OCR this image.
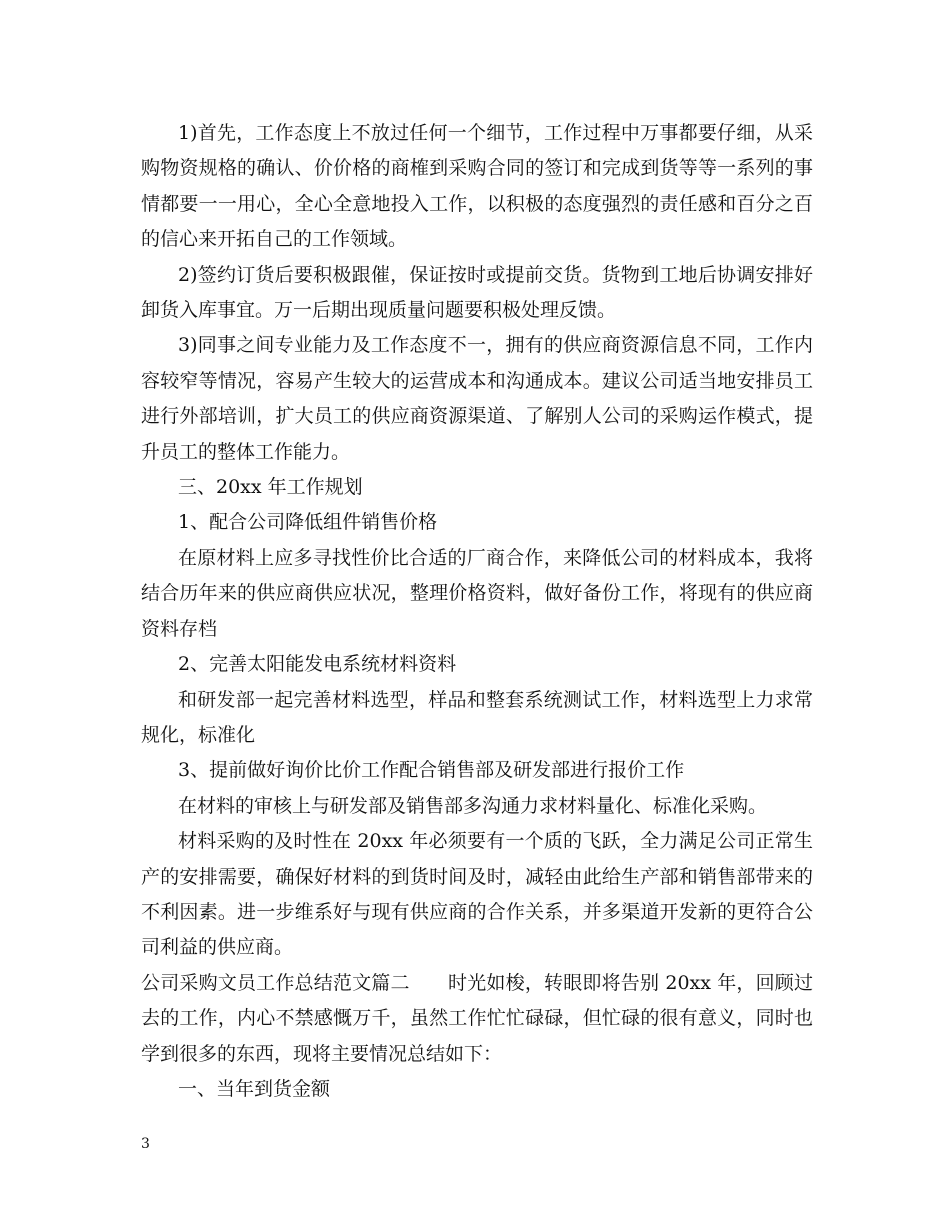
1)首先，工作态度上不放过任何一个细节，工作过程中万事都要仔细，从采购物资规格的确认、价价格的商榷到采购合同的签订和完成到货等等一系列的事情都要一一用心，全心全意地投入工作，以积极的态度强烈的责任感和百分之百的信心来开拓自己的工作领域。

2)签约订货后要积极跟催，保证按时或提前交货。货物到工地后协调安排好卸货入库事宜。万一后期出现质量问题要积极处理反馈。

3)同事之间专业能力及工作态度不一，拥有的供应商资源信息不同，工作内容较窄等情况，容易产生较大的运营成本和沟通成本。建议公司适当地安排员工进行外部培训，扩大员工的供应商资源渠道、了解别人公司的采购运作模式，提升员工的整体工作能力。

三、20xx 年工作规划

1、配合公司降低组件销售价格

在原材料上应多寻找性价比合适的厂商合作，来降低公司的材料成本，我将结合历年来的供应商供应状况，整理价格资料，做好备份工作，将现有的供应商资料存档

2、完善太阳能发电系统材料资料

和研发部一起完善材料选型，样品和整套系统测试工作，材料选型上力求常规化，标准化

3、提前做好询价比价工作配合销售部及研发部进行报价工作

在材料的审核上与研发部及销售部多沟通力求材料量化、标准化采购。

材料采购的及时性在 20xx 年必须要有一个质的飞跃，全力满足公司正常生产的安排需要，确保好材料的到货时间及时，减轻由此给生产部和销售部带来的不利因素。进一步维系好与现有供应商的合作关系，并多渠道开发新的更符合公司利益的供应商。

公司采购文员工作总结范文篇二　　时光如梭，转眼即将告别 20xx 年，回顾过去的工作，内心不禁感慨万千，虽然工作忙忙碌碌，但忙碌的很有意义，同时也学到很多的东西，现将主要情况总结如下：

一、当年到货金额

3
